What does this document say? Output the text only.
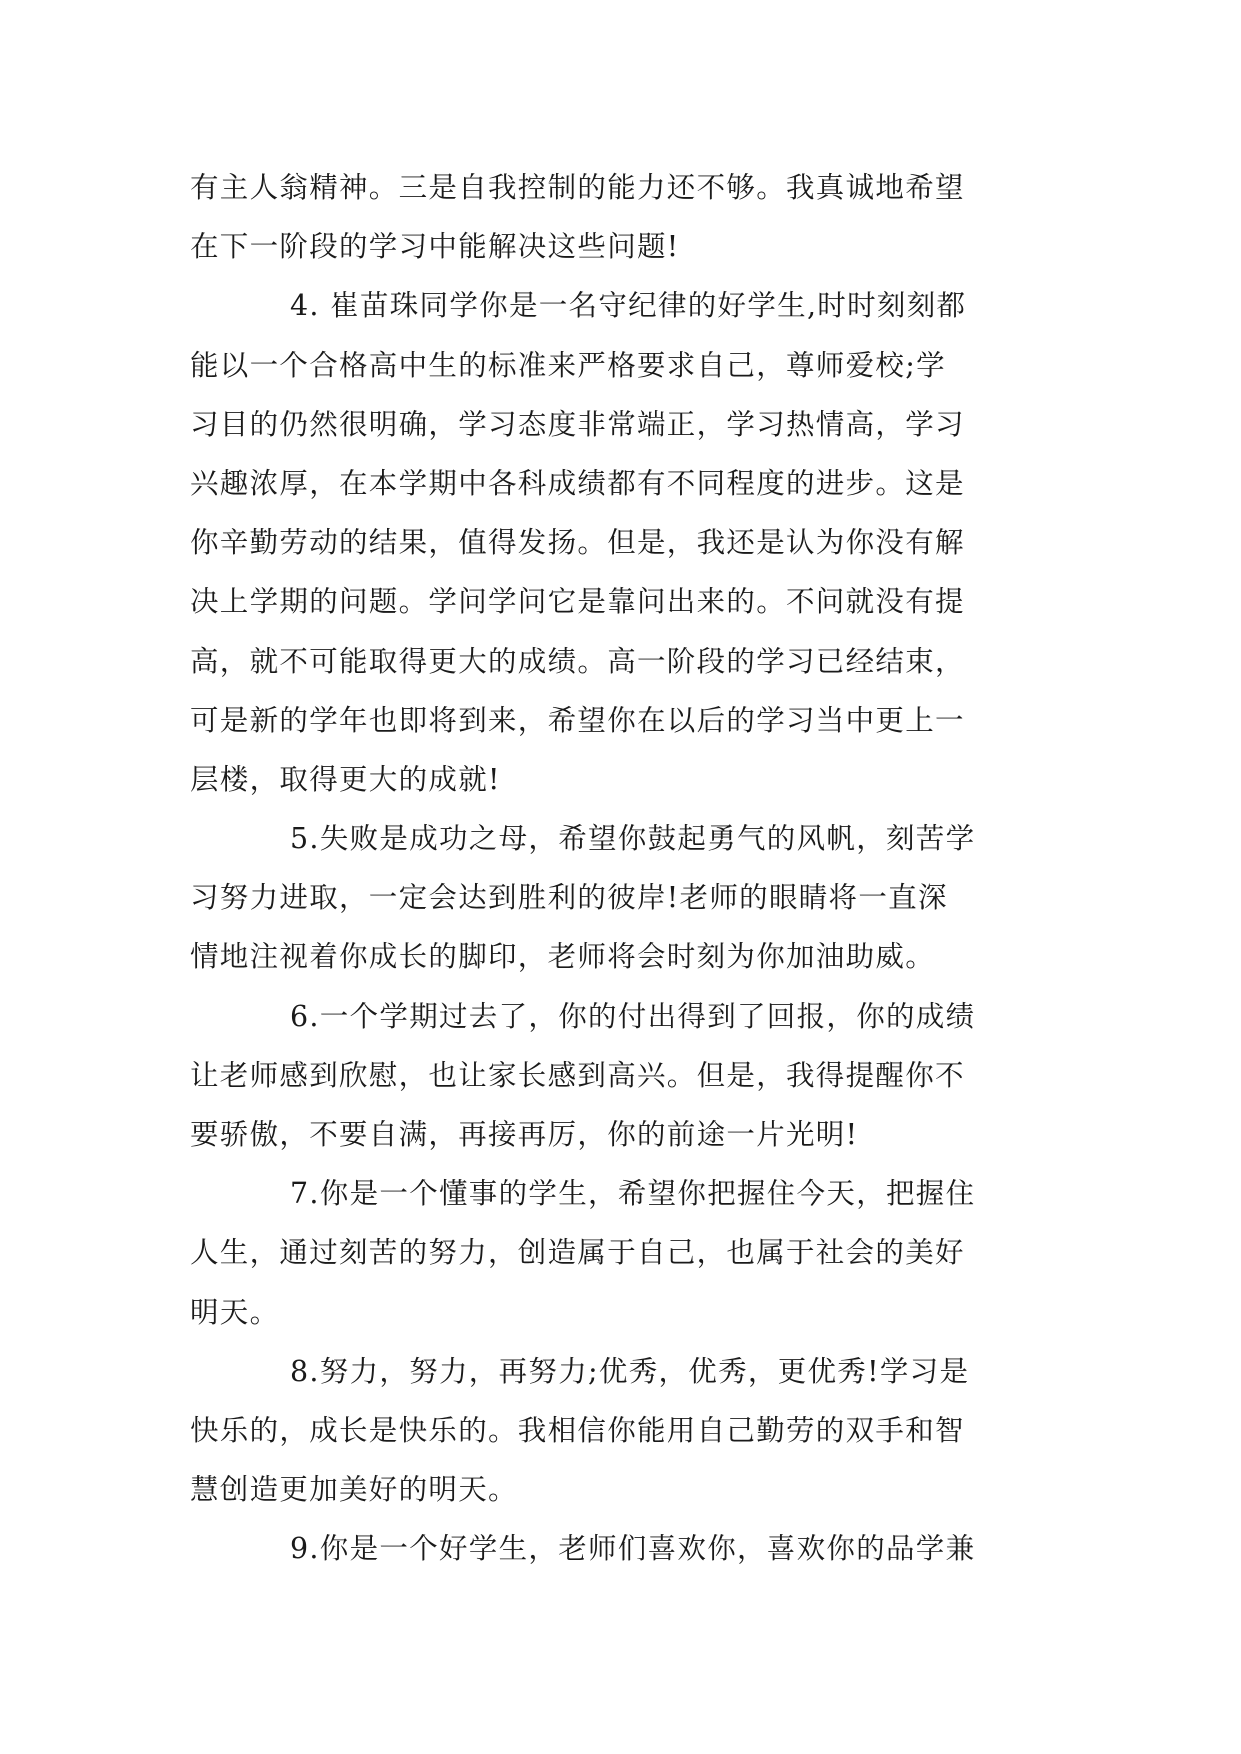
有主人翁精神。三是自我控制的能力还不够。我真诚地希望
在下一阶段的学习中能解决这些问题!
4. 崔苗珠同学你是一名守纪律的好学生,时时刻刻都
能以一个合格高中生的标准来严格要求自己，尊师爱校;学
习目的仍然很明确，学习态度非常端正，学习热情高，学习
兴趣浓厚，在本学期中各科成绩都有不同程度的进步。这是
你辛勤劳动的结果，值得发扬。但是，我还是认为你没有解
决上学期的问题。学问学问它是靠问出来的。不问就没有提
高，就不可能取得更大的成绩。高一阶段的学习已经结束，
可是新的学年也即将到来，希望你在以后的学习当中更上一
层楼，取得更大的成就!
5.失败是成功之母，希望你鼓起勇气的风帆，刻苦学
习努力进取，一定会达到胜利的彼岸!老师的眼睛将一直深
情地注视着你成长的脚印，老师将会时刻为你加油助威。
6.一个学期过去了，你的付出得到了回报，你的成绩
让老师感到欣慰，也让家长感到高兴。但是，我得提醒你不
要骄傲，不要自满，再接再厉，你的前途一片光明!
7.你是一个懂事的学生，希望你把握住今天，把握住
人生，通过刻苦的努力，创造属于自己，也属于社会的美好
明天。
8.努力，努力，再努力;优秀，优秀，更优秀!学习是
快乐的，成长是快乐的。我相信你能用自己勤劳的双手和智
慧创造更加美好的明天。
9.你是一个好学生，老师们喜欢你，喜欢你的品学兼
